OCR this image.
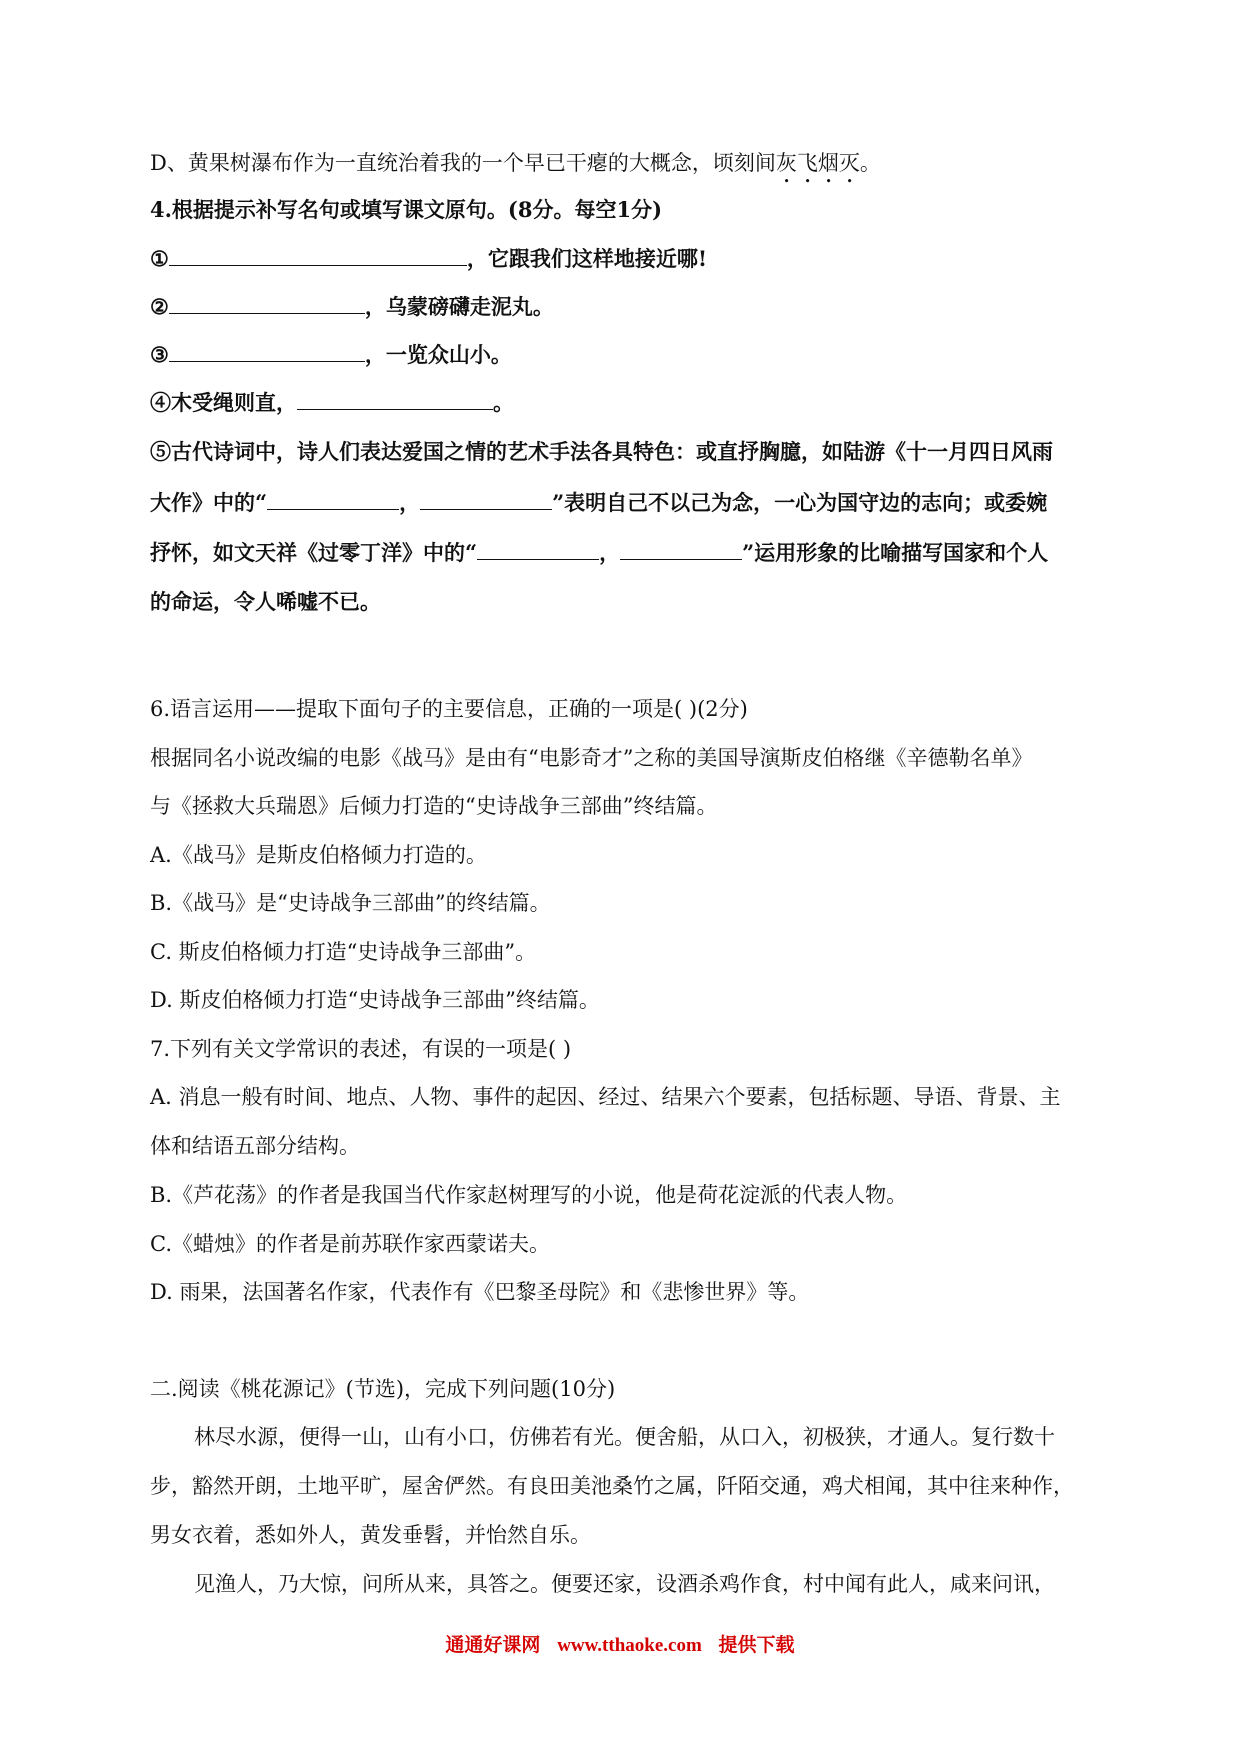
D、黄果树瀑布作为一直统治着我的一个早已干瘪的大概念，顷刻间灰飞烟灭。
4.根据提示补写名句或填写课文原句。(8分。每空1分)
①	，它跟我们这样地接近哪!
②	，乌蒙磅礴走泥丸。
③	，一览众山小。
④木受绳则直，	。
⑤古代诗词中，诗人们表达爱国之情的艺术手法各具特色：或直抒胸臆，如陆游《十一月四日风雨
大作》中的“	，	”表明自己不以己为念，一心为国守边的志向；或委婉
抒怀，如文天祥《过零丁洋》中的“	，	”运用形象的比喻描写国家和个人
的命运，令人唏嘘不已。
6.语言运用——提取下面句子的主要信息，正确的一项是( )(2分)
根据同名小说改编的电影《战马》是由有“电影奇才”之称的美国导演斯皮伯格继《辛德勒名单》
与《拯救大兵瑞恩》后倾力打造的“史诗战争三部曲”终结篇。
A.《战马》是斯皮伯格倾力打造的。
B.《战马》是“史诗战争三部曲”的终结篇。
C. 斯皮伯格倾力打造“史诗战争三部曲”。
D. 斯皮伯格倾力打造“史诗战争三部曲”终结篇。
7.下列有关文学常识的表述，有误的一项是( )
A. 消息一般有时间、地点、人物、事件的起因、经过、结果六个要素，包括标题、导语、背景、主
体和结语五部分结构。
B.《芦花荡》的作者是我国当代作家赵树理写的小说，他是荷花淀派的代表人物。
C.《蜡烛》的作者是前苏联作家西蒙诺夫。
D. 雨果，法国著名作家，代表作有《巴黎圣母院》和《悲惨世界》等。
二.阅读《桃花源记》(节选)，完成下列问题(10分)
林尽水源，便得一山，山有小口，仿佛若有光。便舍船，从口入，初极狭，才通人。复行数十
步，豁然开朗，土地平旷，屋舍俨然。有良田美池桑竹之属，阡陌交通，鸡犬相闻，其中往来种作，
男女衣着，悉如外人，黄发垂髫，并怡然自乐。
见渔人，乃大惊，问所从来，具答之。便要还家，设酒杀鸡作食，村中闻有此人，咸来问讯，
通通好课网 www.tthaoke.com 提供下载
